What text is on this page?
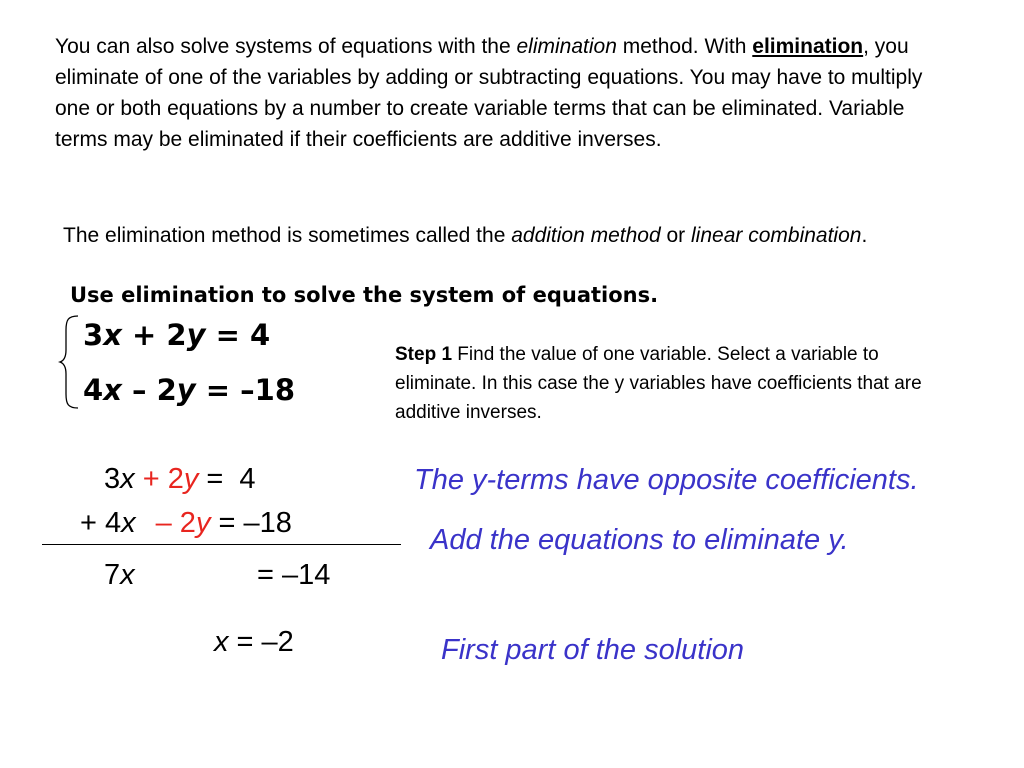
You can also solve systems of equations with the elimination method. With elimination, you eliminate of one of the variables by adding or subtracting equations. You may have to multiply one or both equations by a number to create variable terms that can be eliminated. Variable terms may be eliminated if their coefficients are additive inverses.
The elimination method is sometimes called the addition method or linear combination.
Use elimination to solve the system of equations.
3x + 2y = 4
4x – 2y = –18
Step 1 Find the value of one variable. Select a variable to eliminate. In this case the y variables have coefficients that are additive inverses.
3x + 2y =  4
+ 4x – 2y = –18
7x	= –14
x = –2
The y-terms have opposite coefficients.
Add the equations to eliminate y.
First part of the solution
